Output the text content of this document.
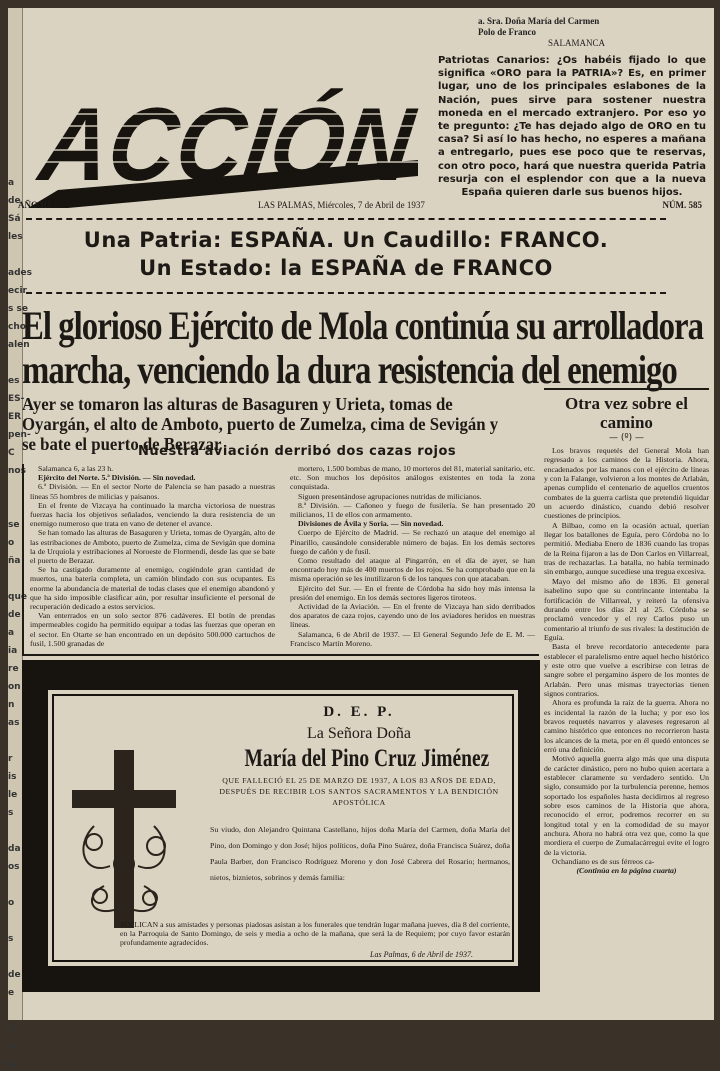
a
de
Sá
les

ades
ecir
s se
cho
alen

es
ES-
ER
pen-
C
nos

se
o
ña

que
de
a
ia
re
on
n
as

r
is
le
s

da
os

o

s

de
e

is
re
ta
a. Sra. Doña María del Carmen
Polo de Franco
SALAMANCA
ACCIÓN
Patriotas Canarios: ¿Os habéis fijado lo que significa «ORO para la PATRIA»? Es, en primer lugar, uno de los principales eslabones de la Nación, pues sirve para sostener nuestra moneda en el mercado extranjero. Por eso yo te pregunto: ¿Te has dejado algo de ORO en tu casa? Si así lo has hecho, no esperes a mañana a entregarlo, pues ese poco que te reservas, con otro poco, hará que nuestra querida Patria resurja con el esplendor con que a la nueva España quieren darle sus buenos hijos.
AÑO III	LAS PALMAS, Miércoles, 7 de Abril de 1937	NÚM. 585
Una Patria: ESPAÑA. Un Caudillo: FRANCO.
Un Estado: la ESPAÑA de FRANCO
El glorioso Ejército de Mola continúa su arrolladora
marcha, venciendo la dura resistencia del enemigo
Ayer se tomaron las alturas de Basaguren y Urieta, tomas de Oyargán, el alto de Amboto, puerto de Zumelza, cima de Sevigán y se bate el puerto de Berazar
Nuestra aviación derribó dos cazas rojos

Salamanca 6, a las 23 h.

Ejército del Norte. 5.ª División. — Sin novedad.

6.ª División. — En el sector Norte de Palencia se han pasado a nuestras líneas 55 hombres de milicias y paisanos.

En el frente de Vizcaya ha continuado la marcha victoriosa de nuestras fuerzas hacia los objetivos señalados, venciendo la dura resistencia de un enemigo numeroso que trata en vano de detener el avance.

Se han tomado las alturas de Basaguren y Urieta, tomas de Oyargán, alto de las estribaciones de Amboto, puerto de Zumelza, cima de Sevigán que domina la de Urquiola y estribaciones al Noroeste de Flormendi, desde las que se bate el puerto de Berazar.

Se ha castigado duramente al enemigo, cogiéndole gran cantidad de muertos, una batería completa, un camión blindado con sus ocupantes. Es enorme la abundancia de material de todas clases que el enemigo abandonó y que ha sido imposible clasificar aún, por resultar insuficiente el personal de recuperación dedicado a estos servicios.

Van enterrados en un solo sector 876 cadáveres. El botín de prendas impermeables cogido ha permitido equipar a todas las fuerzas que operan en el sector. En Otarte se han encontrado en un depósito 500.000 cartuchos de fusil, 1.500 granadas de

mortero, 1.500 bombas de mano, 10 morteros del 81, material sanitario, etc. etc. Son muchos los depósitos análogos existentes en toda la zona conquistada.

Siguen presentándose agrupaciones nutridas de milicianos.

8.ª División. — Cañoneo y fuego de fusilería. Se han presentado 20 milicianos, 11 de ellos con armamento.

Divisiones de Ávila y Soria. — Sin novedad.

Cuerpo de Ejército de Madrid. — Se rechazó un ataque del enemigo al Pinarillo, causándole considerable número de bajas. En los demás sectores fuego de cañón y de fusil.

Como resultado del ataque al Pingarrón, en el día de ayer, se han encontrado hoy más de 400 muertos de los rojos. Se ha comprobado que en la misma operación se les inutilizaron 6 de los tanques con que atacaban.

Ejército del Sur. — En el frente de Córdoba ha sido hoy más intensa la presión del enemigo. En los demás sectores ligeros tiroteos.

Actividad de la Aviación. — En el frente de Vizcaya han sido derribados dos aparatos de caza rojos, cayendo uno de los aviadores heridos en nuestras líneas.

Salamanca, 6 de Abril de 1937. — El General Segundo Jefe de E. M. — Francisco Martín Moreno.

Otra vez sobre el camino
— (º) —

Los bravos requetés del General Mola han regresado a los caminos de la Historia. Ahora, encadenados por las manos con el ejército de líneas y con la Falange, volvieron a los montes de Arlabán, apenas cumplido el centenario de aquellos cruentos combates de la guerra carlista que pretendió liquidar un acuerdo dinástico, cuando debió resolver cuestiones de principios.

A Bilbao, como en la ocasión actual, querían llegar los batallones de Eguía, pero Córdoba no lo permitió. Mediaba Enero de 1836 cuando las tropas de la Reina fijaron a las de Don Carlos en Villarreal, tras de rechazarlas. La batalla, no había terminado sin embargo, aunque sucediese una tregua excesiva.

Mayo del mismo año de 1836. El general isabelino supo que su contrincante intentaba la fortificación de Villarreal, y reiteró la ofensiva durando entre los días 21 al 25. Córdoba se proclamó vencedor y el rey Carlos puso un comentario al triunfo de sus rivales: la destitución de Eguía.

Basta el breve recordatorio antecedente para establecer el paralelismo entre aquel hecho histórico y este otro que vuelve a escribirse con letras de sangre sobre el pergamino áspero de los montes de Arlabán. Pero unas mismas trayectorias tienen signos contrarios.

Ahora es profunda la raíz de la guerra. Ahora no es incidental la razón de la lucha; y por eso los bravos requetés navarros y alaveses regresaron al camino histórico que entonces no recorrieron hasta los alcances de la meta, por en él quedó entonces se erró una definición.

Motivó aquella guerra algo más que una disputa de carácter dinástico, pero no hubo quien acertara a establecer claramente su verdadero sentido. Un siglo, consumido por la turbulencia perenne, hemos soportado los españoles hasta decidirnos al regreso sobre esos caminos de la Historia que ahora, reconocido el error, podremos recorrer en su longitud total y en la comodidad de su mayor anchura. Ahora no habrá otra vez que, como la que mordiera el cuerpo de Zumalacárregui evite el logro de la victoria.

Ochandiano es de sus férreos ca-

(Continúa en la página cuarta)

D. E. P.
La Señora Doña
María del Pino Cruz Jiménez
QUE FALLECIÓ EL 25 DE MARZO DE 1937, A LOS 83 AÑOS DE EDAD, DESPUÉS DE RECIBIR LOS SANTOS SACRAMENTOS Y LA BENDICIÓN APOSTÓLICA
Su viudo, don Alejandro Quintana Castellano, hijos doña María del Carmen, doña María del Pino, don Domingo y don José; hijos políticos, doña Pino Suárez, doña Francisca Suárez, doña Paula Barber, don Francisco Rodríguez Moreno y don José Cabrera del Rosario; hermanos, nietos, biznietos, sobrinos y demás familia:
SUPLICAN a sus amistades y personas piadosas asistan a los funerales que tendrán lugar mañana jueves, día 8 del corriente, en la Parroquia de Santo Domingo, de seis y media a ocho de la mañana, que será la de Requiem; por cuyo favor estarán profundamente agradecidos.
Las Palmas, 6 de Abril de 1937.
